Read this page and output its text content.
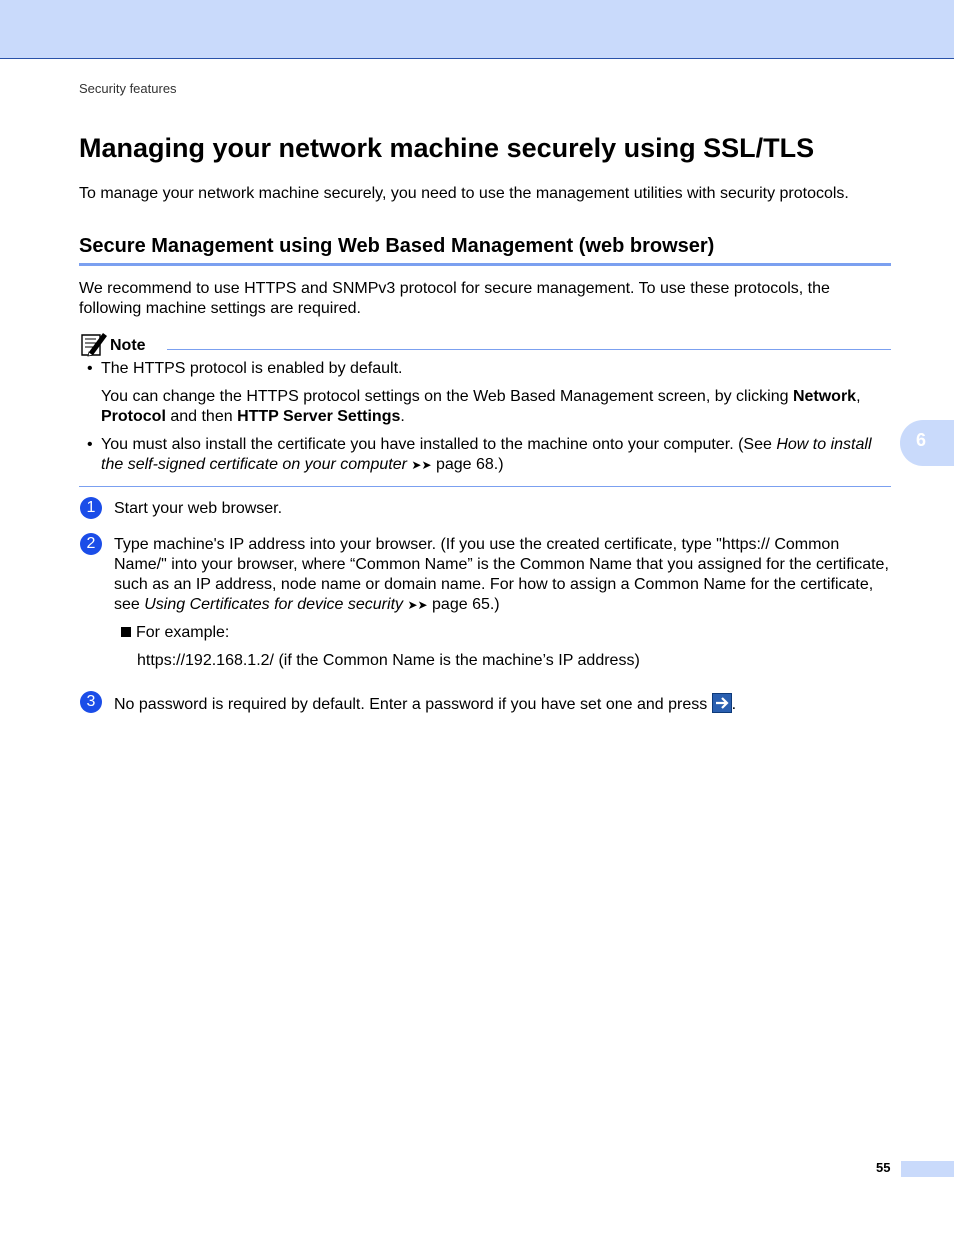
Security features
Managing your network machine securely using SSL/TLS

To manage your network machine securely, you need to use the management utilities with security protocols.

Secure Management using Web Based Management (web browser)

We recommend to use HTTPS and SNMPv3 protocol for secure management. To use these protocols, the following machine settings are required.

Note
• The HTTPS protocol is enabled by default.
You can change the HTTPS protocol settings on the Web Based Management screen, by clicking Network, Protocol and then HTTP Server Settings.
• You must also install the certificate you have installed to the machine onto your computer. (See How to install the self-signed certificate on your computer ➤➤ page 68.)
1	Start your web browser.
2	Type machine's IP address into your browser. (If you use the created certificate, type "https:// Common Name/" into your browser, where “Common Name” is the Common Name that you assigned for the certificate, such as an IP address, node name or domain name. For how to assign a Common Name for the certificate, see Using Certificates for device security ➤➤ page 65.)
For example:
https://192.168.1.2/ (if the Common Name is the machine’s IP address)
3	No password is required by default. Enter a password if you have set one and press .
6
55
